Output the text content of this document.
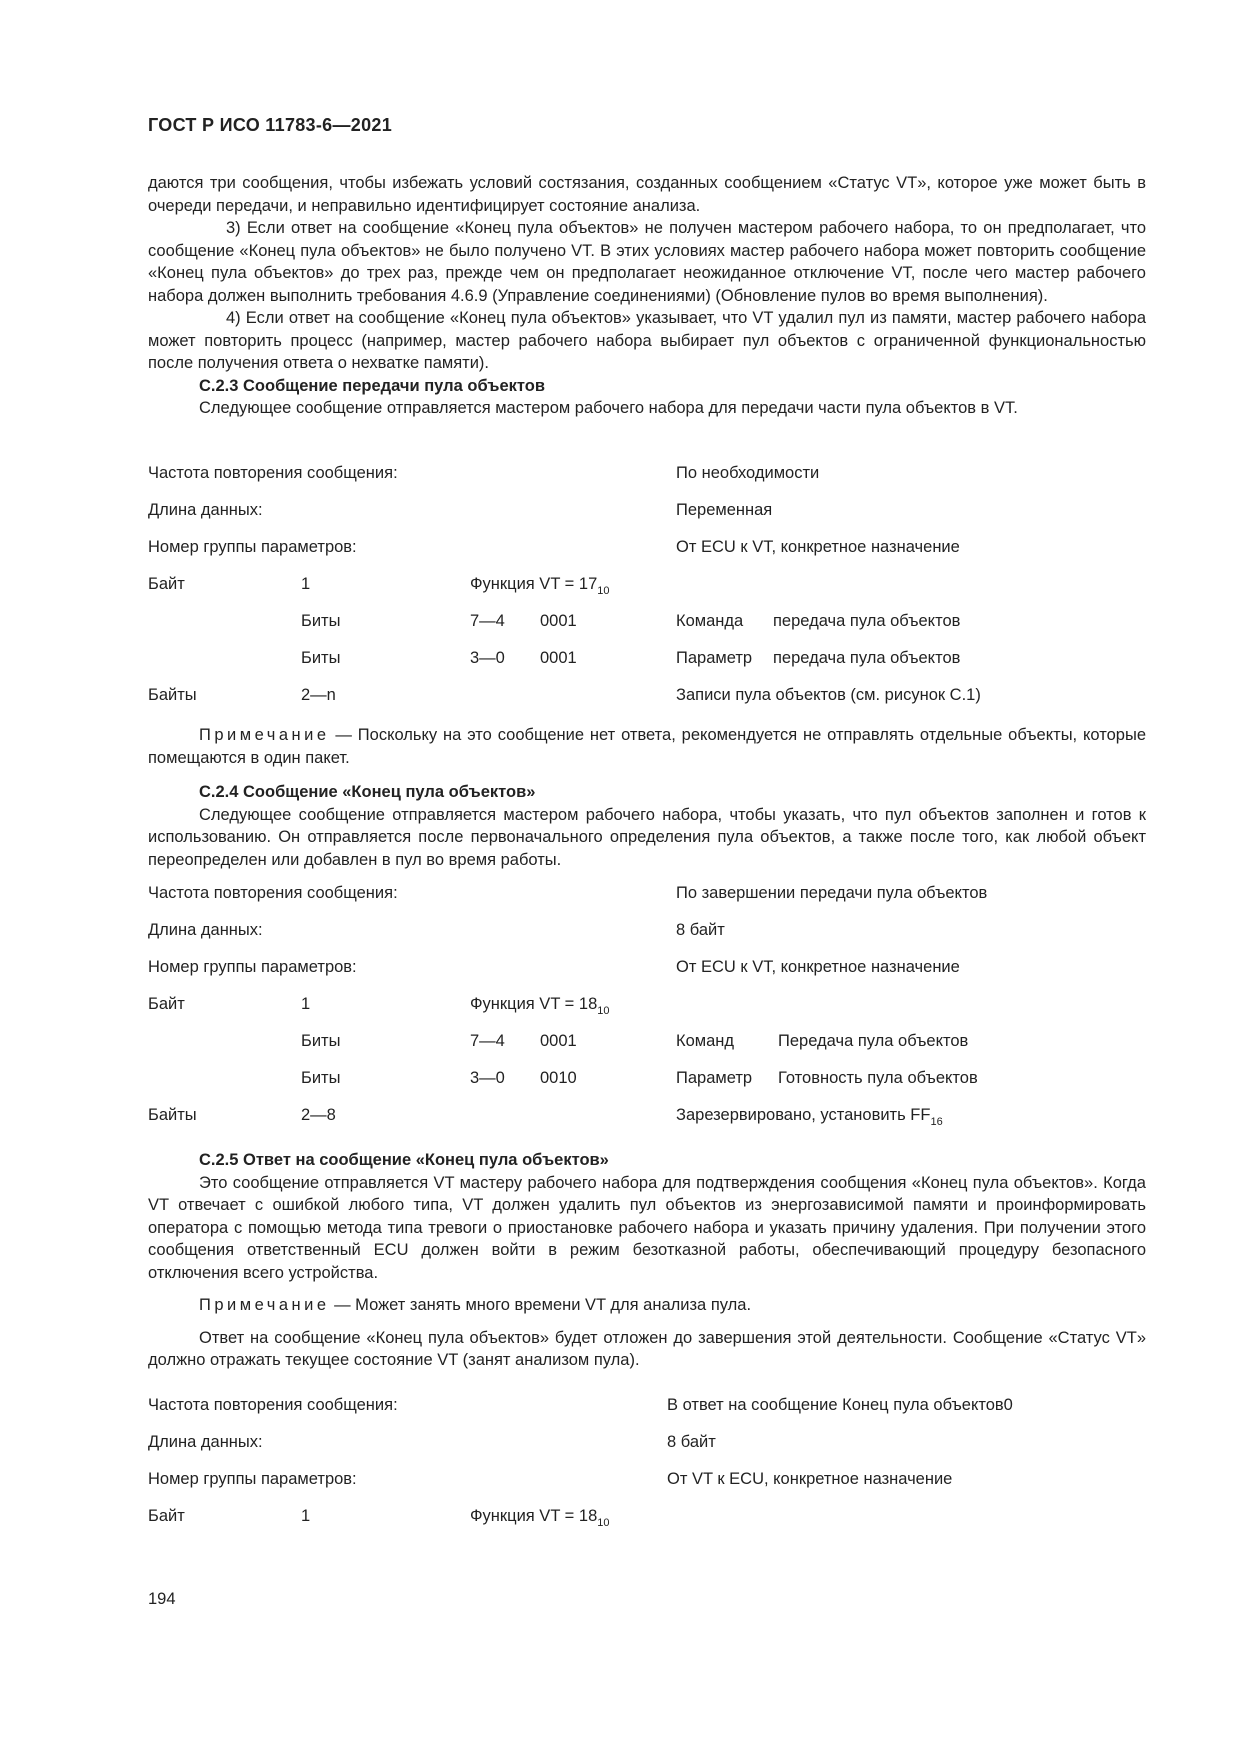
ГОСТ Р ИСО 11783-6—2021

даются три сообщения, чтобы избежать условий состязания, созданных сообщением «Статус VT», которое уже может быть в очереди передачи, и неправильно идентифицирует состояние анализа.

3) Если ответ на сообщение «Конец пула объектов» не получен мастером рабочего набора, то он предполагает, что сообщение «Конец пула объектов» не было получено VT. В этих условиях мастер рабочего набора может повторить сообщение «Конец пула объектов» до трех раз, прежде чем он предполагает неожиданное отключение VT, после чего мастер рабочего набора должен выполнить требования 4.6.9 (Управление соединениями) (Обновление пулов во время выполнения).

4) Если ответ на сообщение «Конец пула объектов» указывает, что VT удалил пул из памяти, мастер рабочего набора может повторить процесс (например, мастер рабочего набора выбирает пул объектов с ограниченной функциональностью после получения ответа о нехватке памяти).

C.2.3 Сообщение передачи пула объектов

Следующее сообщение отправляется мастером рабочего набора для передачи части пула объектов в VT.

Частота повторения сообщения:	По необходимости
Длина данных:	Переменная
Номер группы параметров:	От ECU к VT, конкретное назначение
Байт	1	Функция VT = $17_{10}$
Биты	7—4 0001	Команда передача пула объектов
Биты	3—0 0001	Параметр передача пула объектов
Байты	2—n	Записи пула объектов (см. рисунок С.1)

Примечание — Поскольку на это сообщение нет ответа, рекомендуется не отправлять отдельные объекты, которые помещаются в один пакет.

C.2.4 Сообщение «Конец пула объектов»

Следующее сообщение отправляется мастером рабочего набора, чтобы указать, что пул объектов заполнен и готов к использованию. Он отправляется после первоначального определения пула объектов, а также после того, как любой объект переопределен или добавлен в пул во время работы.

Частота повторения сообщения:	По завершении передачи пула объектов
Длина данных:	8 байт
Номер группы параметров:	От ECU к VT, конкретное назначение
Байт	1	Функция VT = $18_{10}$
Биты	7—4 0001	Команд	Передача пула объектов
Биты	3—0 0010	Параметр Готовность пула объектов
Байты	2—8	Зарезервировано, установить $FF_{16}$

C.2.5 Ответ на сообщение «Конец пула объектов»

Это сообщение отправляется VT мастеру рабочего набора для подтверждения сообщения «Конец пула объектов». Когда VT отвечает с ошибкой любого типа, VT должен удалить пул объектов из энергозависимой памяти и проинформировать оператора с помощью метода типа тревоги о приостановке рабочего набора и указать причину удаления. При получении этого сообщения ответственный ECU должен войти в режим безотказной работы, обеспечивающий процедуру безопасного отключения всего устройства.

Примечание — Может занять много времени VT для анализа пула.

Ответ на сообщение «Конец пула объектов» будет отложен до завершения этой деятельности. Сообщение «Статус VT» должно отражать текущее состояние VT (занят анализом пула).

Частота повторения сообщения:	В ответ на сообщение Конец пула объектов0
Длина данных:	8 байт
Номер группы параметров:	От VT к ECU, конкретное назначение
Байт	1	Функция VT = $18_{10}$
194
